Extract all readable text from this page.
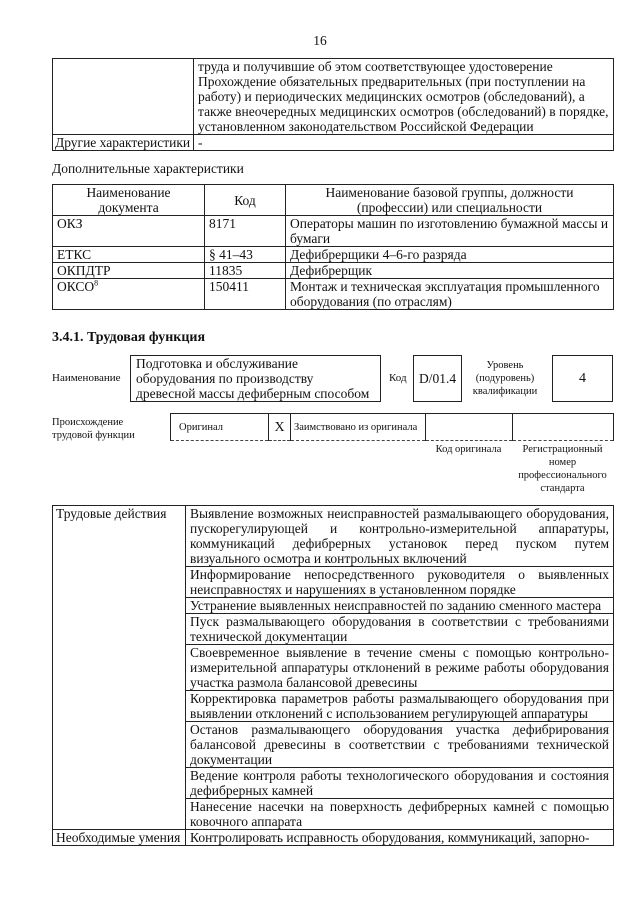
16

	труда и получившие об этом соответствующее удостоверение
Прохождение обязательных предварительных (при поступлении на работу) и периодических медицинских осмотров (обследований), а также внеочередных медицинских осмотров (обследований) в порядке, установленном законодательством Российской Федерации

Другие характеристики	-
Дополнительные характеристики
Наименование документа	Код	Наименование базовой группы, должности (профессии) или специальности
ОКЗ	8171	Операторы машин по изготовлению бумажной массы и бумаги
ЕТКС	§ 41–43	Дефибрерщики 4–6-го разряда
ОКПДТР	11835	Дефибрерщик
ОКСО$^8$	150411	Монтаж и техническая эксплуатация промышленного оборудования (по отраслям)
3.4.1. Трудовая функция
Наименование
Подготовка и обслуживание оборудования по производству древесной массы дефиберным способом
Код D/01.4
Уровень (подуровень) квалификации
4
Происхождение трудовой функции
Оригинал	X	Заимствовано из оригинала		
Код оригинала	Регистрационный номер профессионального стандарта
Трудовые действия	Выявление возможных неисправностей размалывающего оборудования, пускорегулирующей и контрольно-измерительной аппаратуры, коммуникаций дефибрерных установок перед пуском путем визуального осмотра и контрольных включений
	Информирование непосредственного руководителя о выявленных неисправностях и нарушениях в установленном порядке
	Устранение выявленных неисправностей по заданию сменного мастера
	Пуск размалывающего оборудования в соответствии с требованиями технической документации
	Своевременное выявление в течение смены с помощью контрольно-измерительной аппаратуры отклонений в режиме работы оборудования участка размола балансовой древесины
	Корректировка параметров работы размалывающего оборудования при выявлении отклонений с использованием регулирующей аппаратуры
	Останов размалывающего оборудования участка дефибрирования балансовой древесины в соответствии с требованиями технической документации
	Ведение контроля работы технологического оборудования и состояния дефибрерных камней
	Нанесение насечки на поверхность дефибрерных камней с помощью ковочного аппарата
Необходимые умения	Контролировать исправность оборудования, коммуникаций, запорно-
